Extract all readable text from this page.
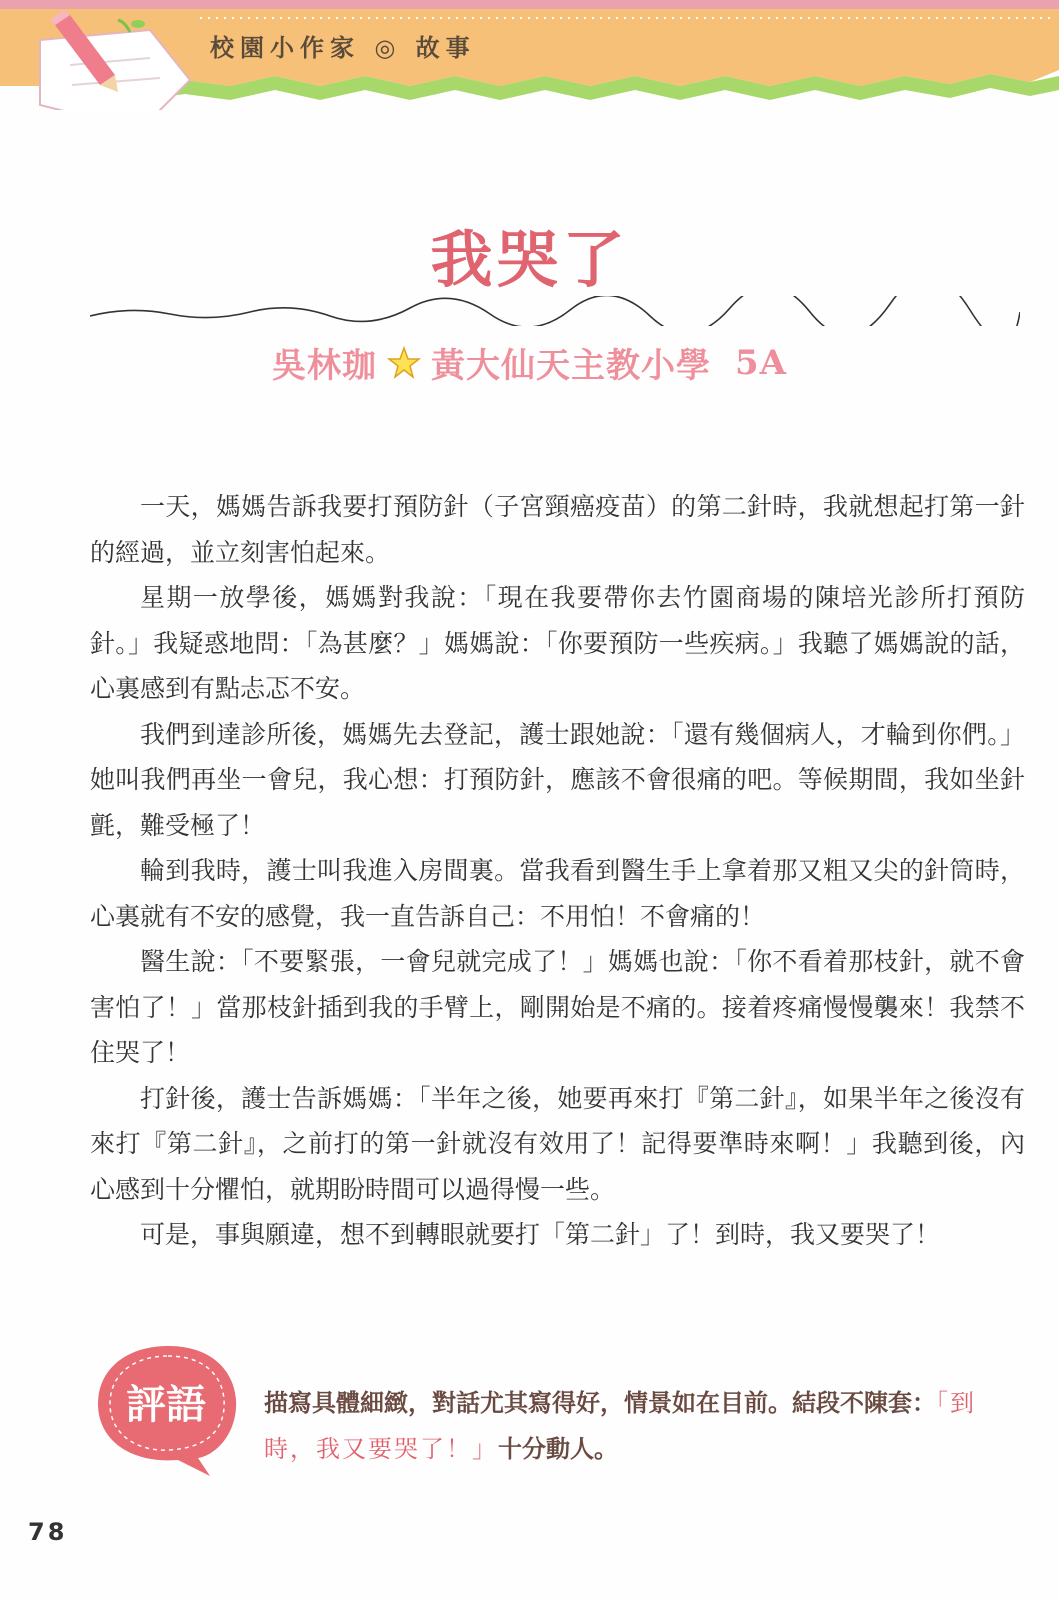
校園小作家 ◎ 故事
我哭了
吳林珈 黃大仙天主教小學 5A

一天，媽媽告訴我要打預防針（子宮頸癌疫苗）的第二針時，我就想起打第一針的經過，並立刻害怕起來。

星期一放學後，媽媽對我說：「現在我要帶你去竹園商場的陳培光診所打預防針。」我疑惑地問：「為甚麼？」媽媽說：「你要預防一些疾病。」我聽了媽媽說的話，心裏感到有點忐忑不安。

我們到達診所後，媽媽先去登記，護士跟她說：「還有幾個病人，才輪到你們。」她叫我們再坐一會兒，我心想：打預防針，應該不會很痛的吧。等候期間，我如坐針氈，難受極了！

輪到我時，護士叫我進入房間裏。當我看到醫生手上拿着那又粗又尖的針筒時，心裏就有不安的感覺，我一直告訴自己：不用怕！不會痛的！

醫生說：「不要緊張，一會兒就完成了！」媽媽也說：「你不看着那枝針，就不會害怕了！」當那枝針插到我的手臂上，剛開始是不痛的。接着疼痛慢慢襲來！我禁不住哭了！

打針後，護士告訴媽媽：「半年之後，她要再來打『第二針』，如果半年之後沒有來打『第二針』，之前打的第一針就沒有效用了！記得要準時來啊！」我聽到後，內心感到十分懼怕，就期盼時間可以過得慢一些。

可是，事與願違，想不到轉眼就要打「第二針」了！到時，我又要哭了！

評語 描寫具體細緻，對話尤其寫得好，情景如在目前。結段不陳套：「到時，我又要哭了！」十分動人。
78
